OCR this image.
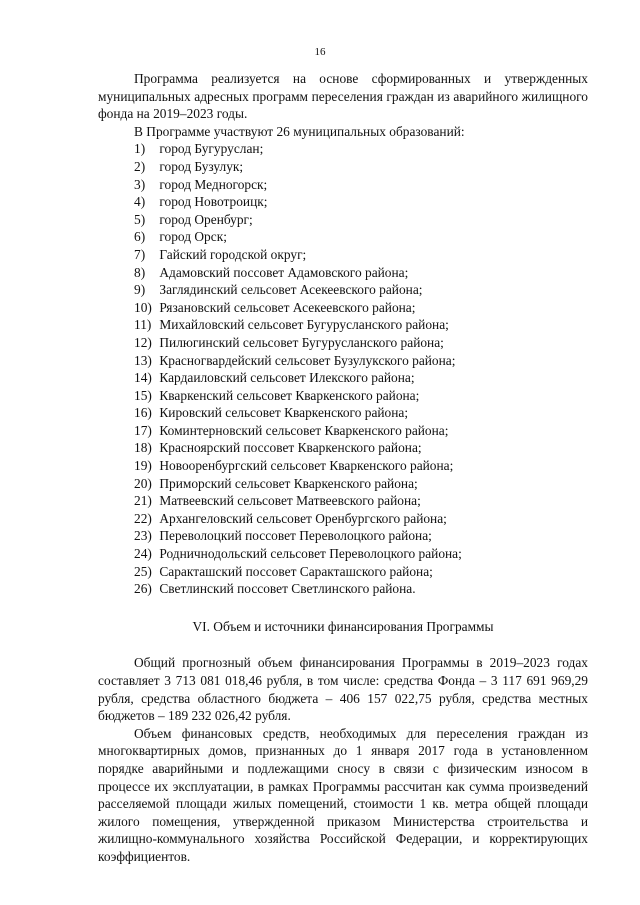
16

Программа реализуется на основе сформированных и утвержденных муниципальных адресных программ переселения граждан из аварийного жилищного фонда на 2019–2023 годы.

В Программе участвуют 26 муниципальных образований:

1) город Бугуруслан;
2) город Бузулук;
3) город Медногорск;
4) город Новотроицк;
5) город Оренбург;
6) город Орск;
7) Гайский городской округ;
8) Адамовский поссовет Адамовского района;
9) Заглядинский сельсовет Асекеевского района;
10) Рязановский сельсовет Асекеевского района;
11) Михайловский сельсовет Бугурусланского района;
12) Пилюгинский сельсовет Бугурусланского района;
13) Красногвардейский сельсовет Бузулукского района;
14) Кардаиловский сельсовет Илекского района;
15) Кваркенский сельсовет Кваркенского района;
16) Кировский сельсовет Кваркенского района;
17) Коминтерновский сельсовет Кваркенского района;
18) Красноярский поссовет Кваркенского района;
19) Новооренбургский сельсовет Кваркенского района;
20) Приморский сельсовет Кваркенского района;
21) Матвеевский сельсовет Матвеевского района;
22) Архангеловский сельсовет Оренбургского района;
23) Переволоцкий поссовет Переволоцкого района;
24) Родничнодольский сельсовет Переволоцкого района;
25) Саракташский поссовет Саракташского района;
26) Светлинский поссовет Светлинского района.

VI. Объем и источники финансирования Программы

Общий прогнозный объем финансирования Программы в 2019–2023 годах составляет 3 713 081 018,46 рубля, в том числе: средства Фонда – 3 117 691 969,29 рубля, средства областного бюджета – 406 157 022,75 рубля, средства местных бюджетов – 189 232 026,42 рубля.

Объем финансовых средств, необходимых для переселения граждан из многоквартирных домов, признанных до 1 января 2017 года в установленном порядке аварийными и подлежащими сносу в связи с физическим износом в процессе их эксплуатации, в рамках Программы рассчитан как сумма произведений расселяемой площади жилых помещений, стоимости 1 кв. метра общей площади жилого помещения, утвержденной приказом Министерства строительства и жилищно-коммунального хозяйства Российской Федерации, и корректирующих коэффициентов.
